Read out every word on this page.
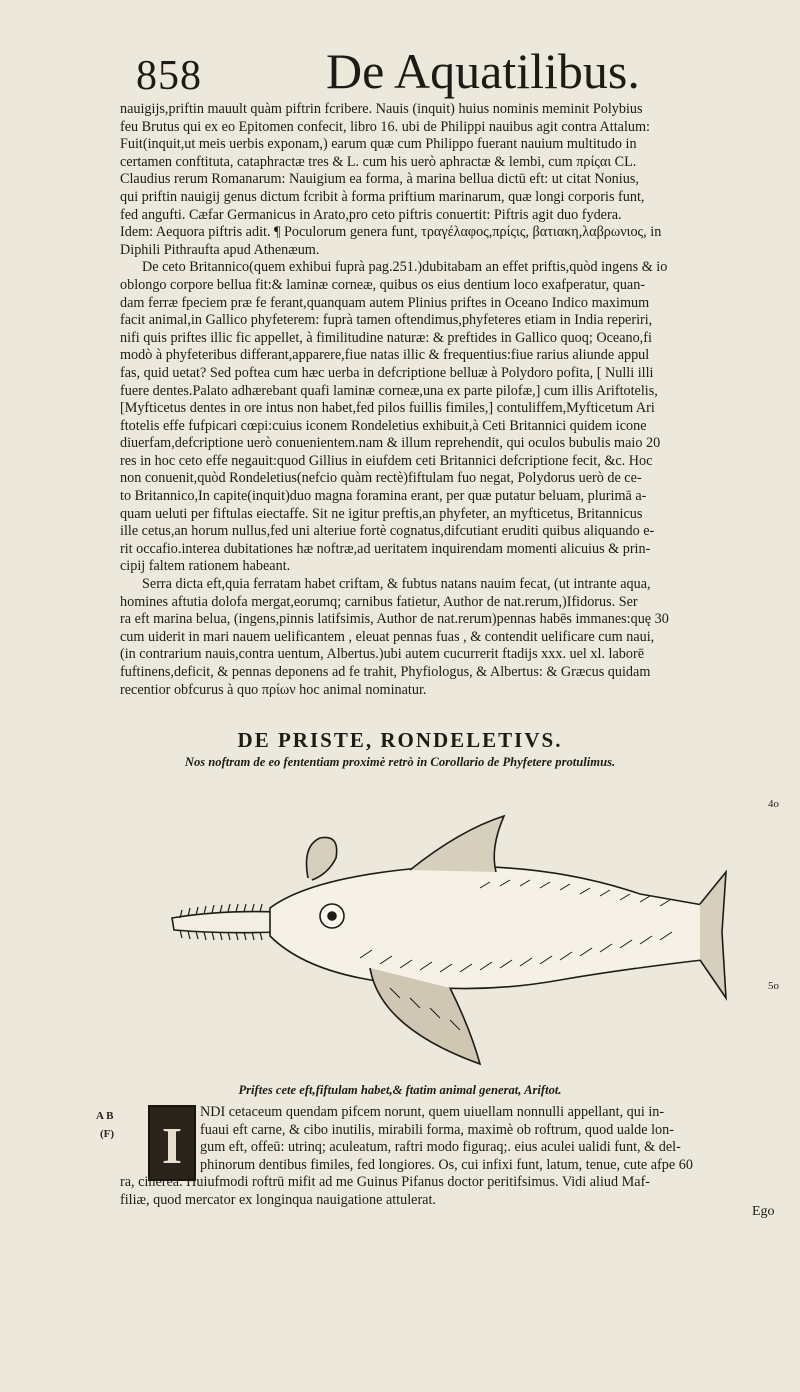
858 De Aquatilibus.

nauigijs,priftin mauult quàm piftrin fcribere. Nauis (inquit) huius nominis meminit Polybius

feu Brutus qui ex eo Epitomen confecit, libro 16. ubi de Philippi nauibus agit contra Attalum:

Fuit(inquit,ut meis uerbis exponam,) earum quæ cum Philippo fuerant nauium multitudo in

certamen conftituta, cataphractæ tres & L. cum his uerò aphractæ & lembi, cum πρίςαι CL.

Claudius rerum Romanarum: Nauigium ea forma, à marina bellua dictū eft: ut citat Nonius,

qui priftin nauigij genus dictum fcribit à forma priftium marinarum, quæ longi corporis funt,

fed angufti. Cæfar Germanicus in Arato,pro ceto piftris conuertit: Piftris agit duo fydera.

Idem: Aequora piftris adit. ¶ Poculorum genera funt, τραγέλαφος,πρίςις, βατιακη,λαβρωνιος, in

Diphili Pithraufta apud Athenæum.

De ceto Britannico(quem exhibui fuprà pag.251.)dubitabam an effet priftis,quòd ingens & io

oblongo corpore bellua fit:& laminæ corneæ, quibus os eius dentium loco exafperatur, quan-

dam ferræ fpeciem præ fe ferant,quanquam autem Plinius priftes in Oceano Indico maximum

facit animal,in Gallico phyfeterem: fuprà tamen oftendimus,phyfeteres etiam in India reperiri,

nifi quis priftes illic fic appellet, à fimilitudine naturæ: & preftides in Gallico quoq; Oceano,fi

modò à phyfeteribus differant,apparere,fiue natas illic & frequentius:fiue rarius aliunde appul

fas, quid uetat? Sed poftea cum hæc uerba in defcriptione belluæ à Polydoro pofita, [ Nulli illi

fuere dentes.Palato adhærebant quafi laminæ corneæ,una ex parte pilofæ,] cum illis Ariftotelis,

[Myfticetus dentes in ore intus non habet,fed pilos fuillis fimiles,] contuliffem,Myfticetum Ari

ftotelis effe fufpicari cœpi:cuius iconem Rondeletius exhibuit,à Ceti Britannici quidem icone

diuerfam,defcriptione uerò conuenientem.nam & illum reprehendit, qui oculos bubulis maio 20

res in hoc ceto effe negauit:quod Gillius in eiufdem ceti Britannici defcriptione fecit, &c. Hoc

non conuenit,quòd Rondeletius(nefcio quàm rectè)fiftulam fuo negat, Polydorus uerò de ce-

to Britannico,In capite(inquit)duo magna foramina erant, per quæ putatur beluam, plurimā a-

quam ueluti per fiftulas eiectaffe. Sit ne igitur preftis,an phyfeter, an myfticetus, Britannicus

ille cetus,an horum nullus,fed uni alteriue fortè cognatus,difcutiant eruditi quibus aliquando e-

rit occafio.interea dubitationes hæ noftræ,ad ueritatem inquirendam momenti alicuius & prin-

cipij faltem rationem habeant.

Serra dicta eft,quia ferratam habet criftam, & fubtus natans nauim fecat, (ut intrante aqua,

homines aftutia dolofa mergat,eorumq; carnibus fatietur, Author de nat.rerum,)Ifidorus. Ser

ra eft marina belua, (ingens,pinnis latifsimis, Author de nat.rerum)pennas habēs immanes:quę 30

cum uiderit in mari nauem uelificantem , eleuat pennas fuas , & contendit uelificare cum naui,

(in contrarium nauis,contra uentum, Albertus.)ubi autem cucurrerit ftadijs xxx. uel xl. laborē

fuftinens,deficit, & pennas deponens ad fe trahit, Phyfiologus, & Albertus: & Græcus quidam

recentior obfcurus à quo πρίων hoc animal nominatur.

DE PRISTE, RONDELETIVS.
Nos noftram de eo fententiam proximè retrò in Corollario de Phyfetere protulimus.
4o
5o
Priftes cete eft,fiftulam habet,& ftatim animal generat, Ariftot.
A B
(F) I

NDI cetaceum quendam pifcem norunt, quem uiuellam nonnulli appellant, qui in-

fuaui eft carne, & cibo inutilis, mirabili forma, maximè ob roftrum, quod ualde lon-

gum eft, offeū: utrinq; aculeatum, raftri modo figuraq;. eius aculei ualidi funt, & del-

phinorum dentibus fimiles, fed longiores. Os, cui infixi funt, latum, tenue, cute afpe 60

ra, cinerea. Huiufmodi roftrū mifit ad me Guinus Pifanus doctor peritifsimus. Vidi aliud Maf-

filiæ, quod mercator ex longinqua nauigatione attulerat.

Ego
